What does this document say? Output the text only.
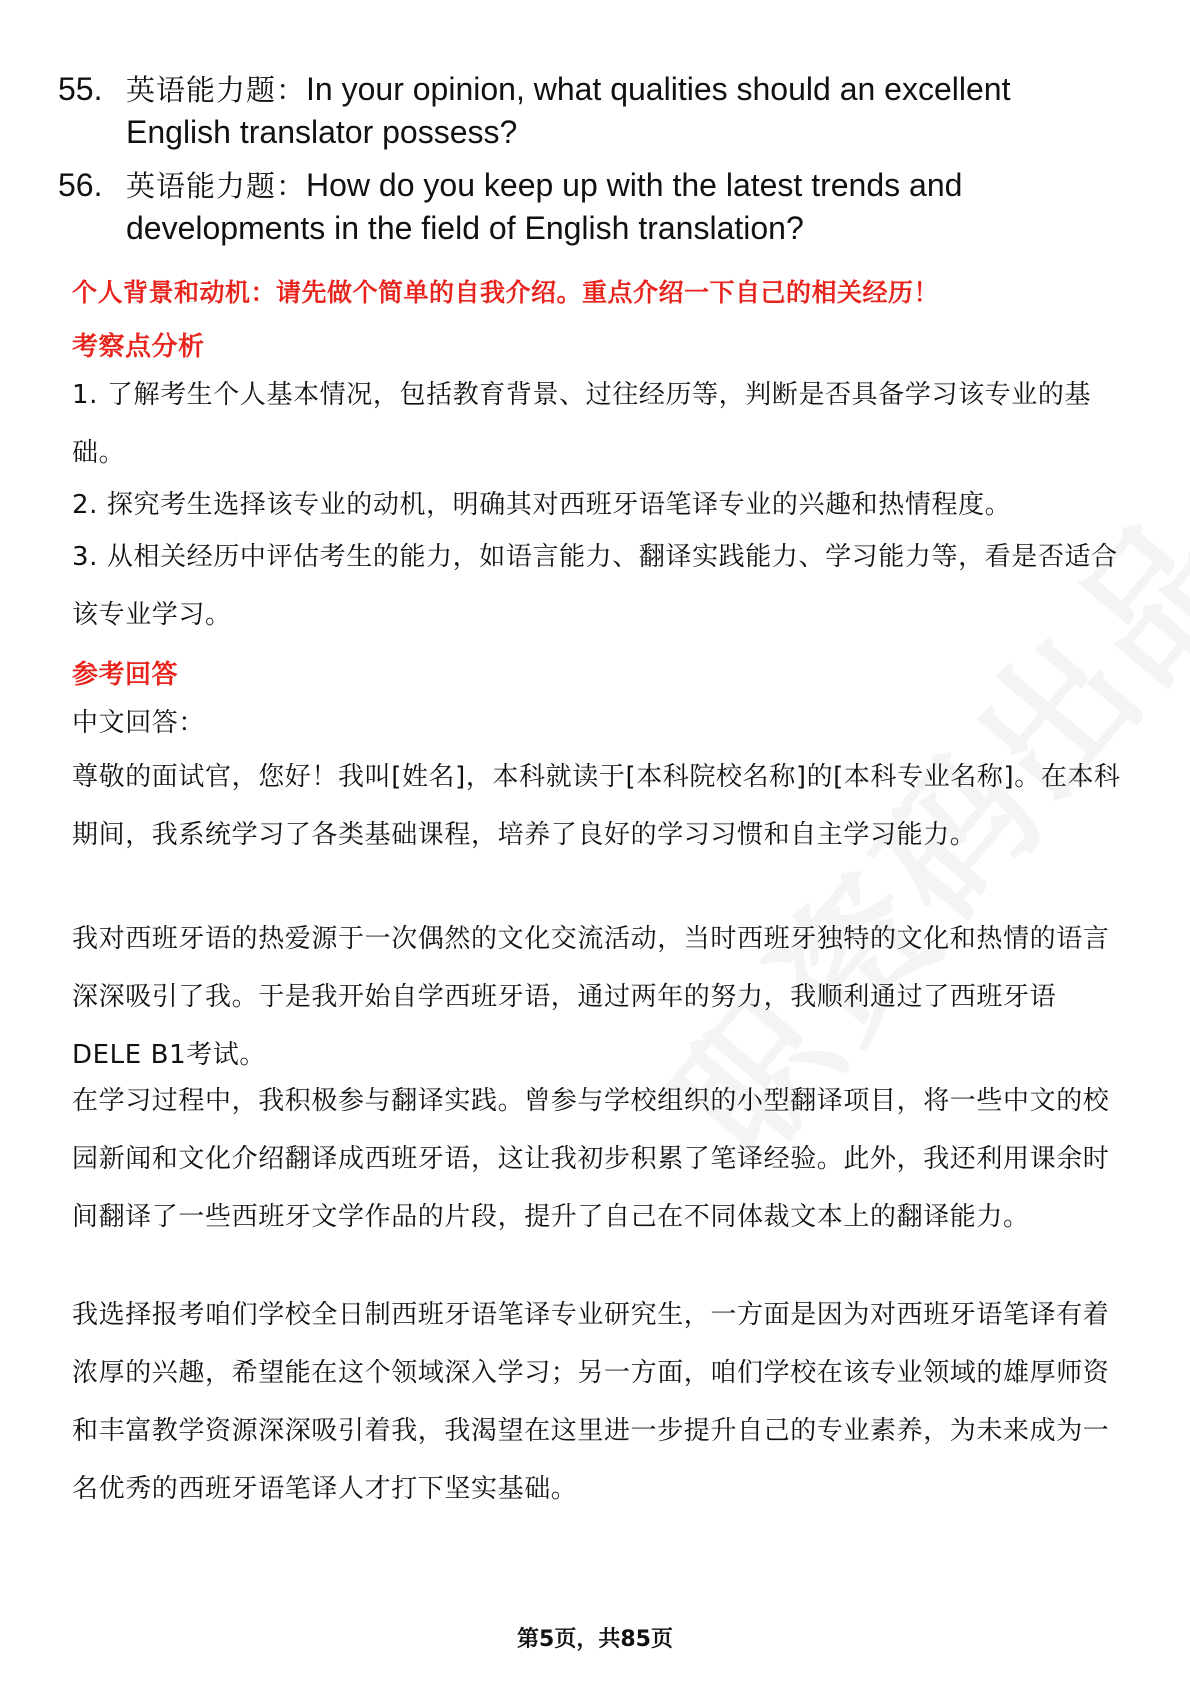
55. 英语能力题：In your opinion, what qualities should an excellent English translator possess?
56. 英语能力题：How do you keep up with the latest trends and developments in the field of English translation?
个人背景和动机：请先做个简单的自我介绍。重点介绍一下自己的相关经历！
考察点分析
1. 了解考生个人基本情况，包括教育背景、过往经历等，判断是否具备学习该专业的基础。
2. 探究考生选择该专业的动机，明确其对西班牙语笔译专业的兴趣和热情程度。
3. 从相关经历中评估考生的能力，如语言能力、翻译实践能力、学习能力等，看是否适合该专业学习。
参考回答
中文回答：
尊敬的面试官，您好！我叫[姓名]，本科就读于[本科院校名称]的[本科专业名称]。在本科期间，我系统学习了各类基础课程，培养了良好的学习习惯和自主学习能力。
我对西班牙语的热爱源于一次偶然的文化交流活动，当时西班牙独特的文化和热情的语言深深吸引了我。于是我开始自学西班牙语，通过两年的努力，我顺利通过了西班牙语DELE B1考试。
在学习过程中，我积极参与翻译实践。曾参与学校组织的小型翻译项目，将一些中文的校园新闻和文化介绍翻译成西班牙语，这让我初步积累了笔译经验。此外，我还利用课余时间翻译了一些西班牙文学作品的片段，提升了自己在不同体裁文本上的翻译能力。
我选择报考咱们学校全日制西班牙语笔译专业研究生，一方面是因为对西班牙语笔译有着浓厚的兴趣，希望能在这个领域深入学习；另一方面，咱们学校在该专业领域的雄厚师资和丰富教学资源深深吸引着我，我渴望在这里进一步提升自己的专业素养，为未来成为一名优秀的西班牙语笔译人才打下坚实基础。
第5页，共85页
